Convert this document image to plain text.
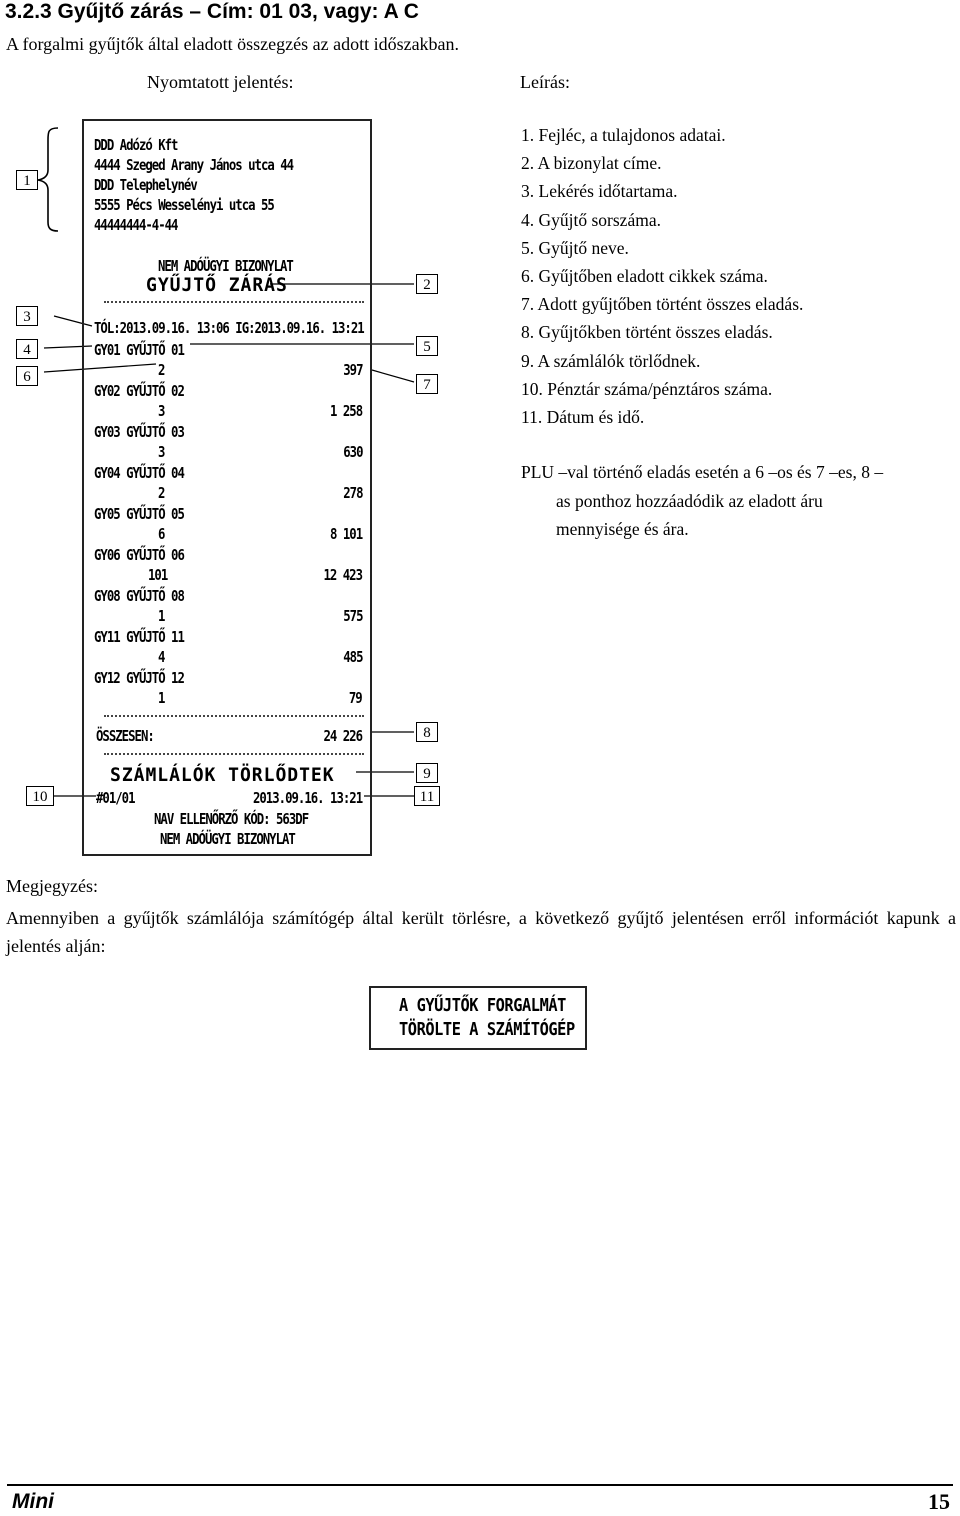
3.2.3 Gyűjtő zárás – Cím: 01 03, vagy: A C
A forgalmi gyűjtők által eladott összegzés az adott időszakban.
Nyomtatott jelentés:	Leírás:
1. Fejléc, a tulajdonos adatai.
2. A bizonylat címe.
3. Lekérés időtartama.
4. Gyűjtő sorszáma.
5. Gyűjtő neve.
6. Gyűjtőben eladott cikkek száma.
7. Adott gyűjtőben történt összes eladás.
8. Gyűjtőkben történt összes eladás.
9. A számlálók törlődnek.
10. Pénztár száma/pénztáros száma.
11. Dátum és idő.
PLU –val történő eladás esetén a 6 –os és 7 –es, 8 –
as ponthoz hozzáadódik az eladott áru
mennyisége és ára.
1
2
3
5
4
6	7
8
9
10	11
DDD Adózó Kft
4444 Szeged Arany János utca 44
DDD Telephelynév
5555 Pécs Wesselényi utca 55
44444444-4-44
NEM ADÓÜGYI BIZONYLAT
GYŰJTŐ ZÁRÁS
TÓL:2013.09.16. 13:06 IG:2013.09.16. 13:21
GY01 GYŰJTŐ 01
2	397
GY02 GYŰJTŐ 02
3	1 258
GY03 GYŰJTŐ 03
3	630
GY04 GYŰJTŐ 04
2	278
GY05 GYŰJTŐ 05
6	8 101
GY06 GYŰJTŐ 06
101	12 423
GY08 GYŰJTŐ 08
1	575
GY11 GYŰJTŐ 11
4	485
GY12 GYŰJTŐ 12
1	79
ÖSSZESEN:	24 226
SZÁMLÁLÓK TÖRLŐDTEK
#01/01	2013.09.16. 13:21
NAV ELLENŐRZŐ KÓD: 563DF
NEM ADÓÜGYI BIZONYLAT
Megjegyzés:
Amennyiben a gyűjtők számlálója számítógép által került törlésre, a következő gyűjtő jelentésen erről információt kapunk a jelentés alján:
A GYŰJTŐK FORGALMÁT
TÖRÖLTE A SZÁMÍTÓGÉP
Mini	15
